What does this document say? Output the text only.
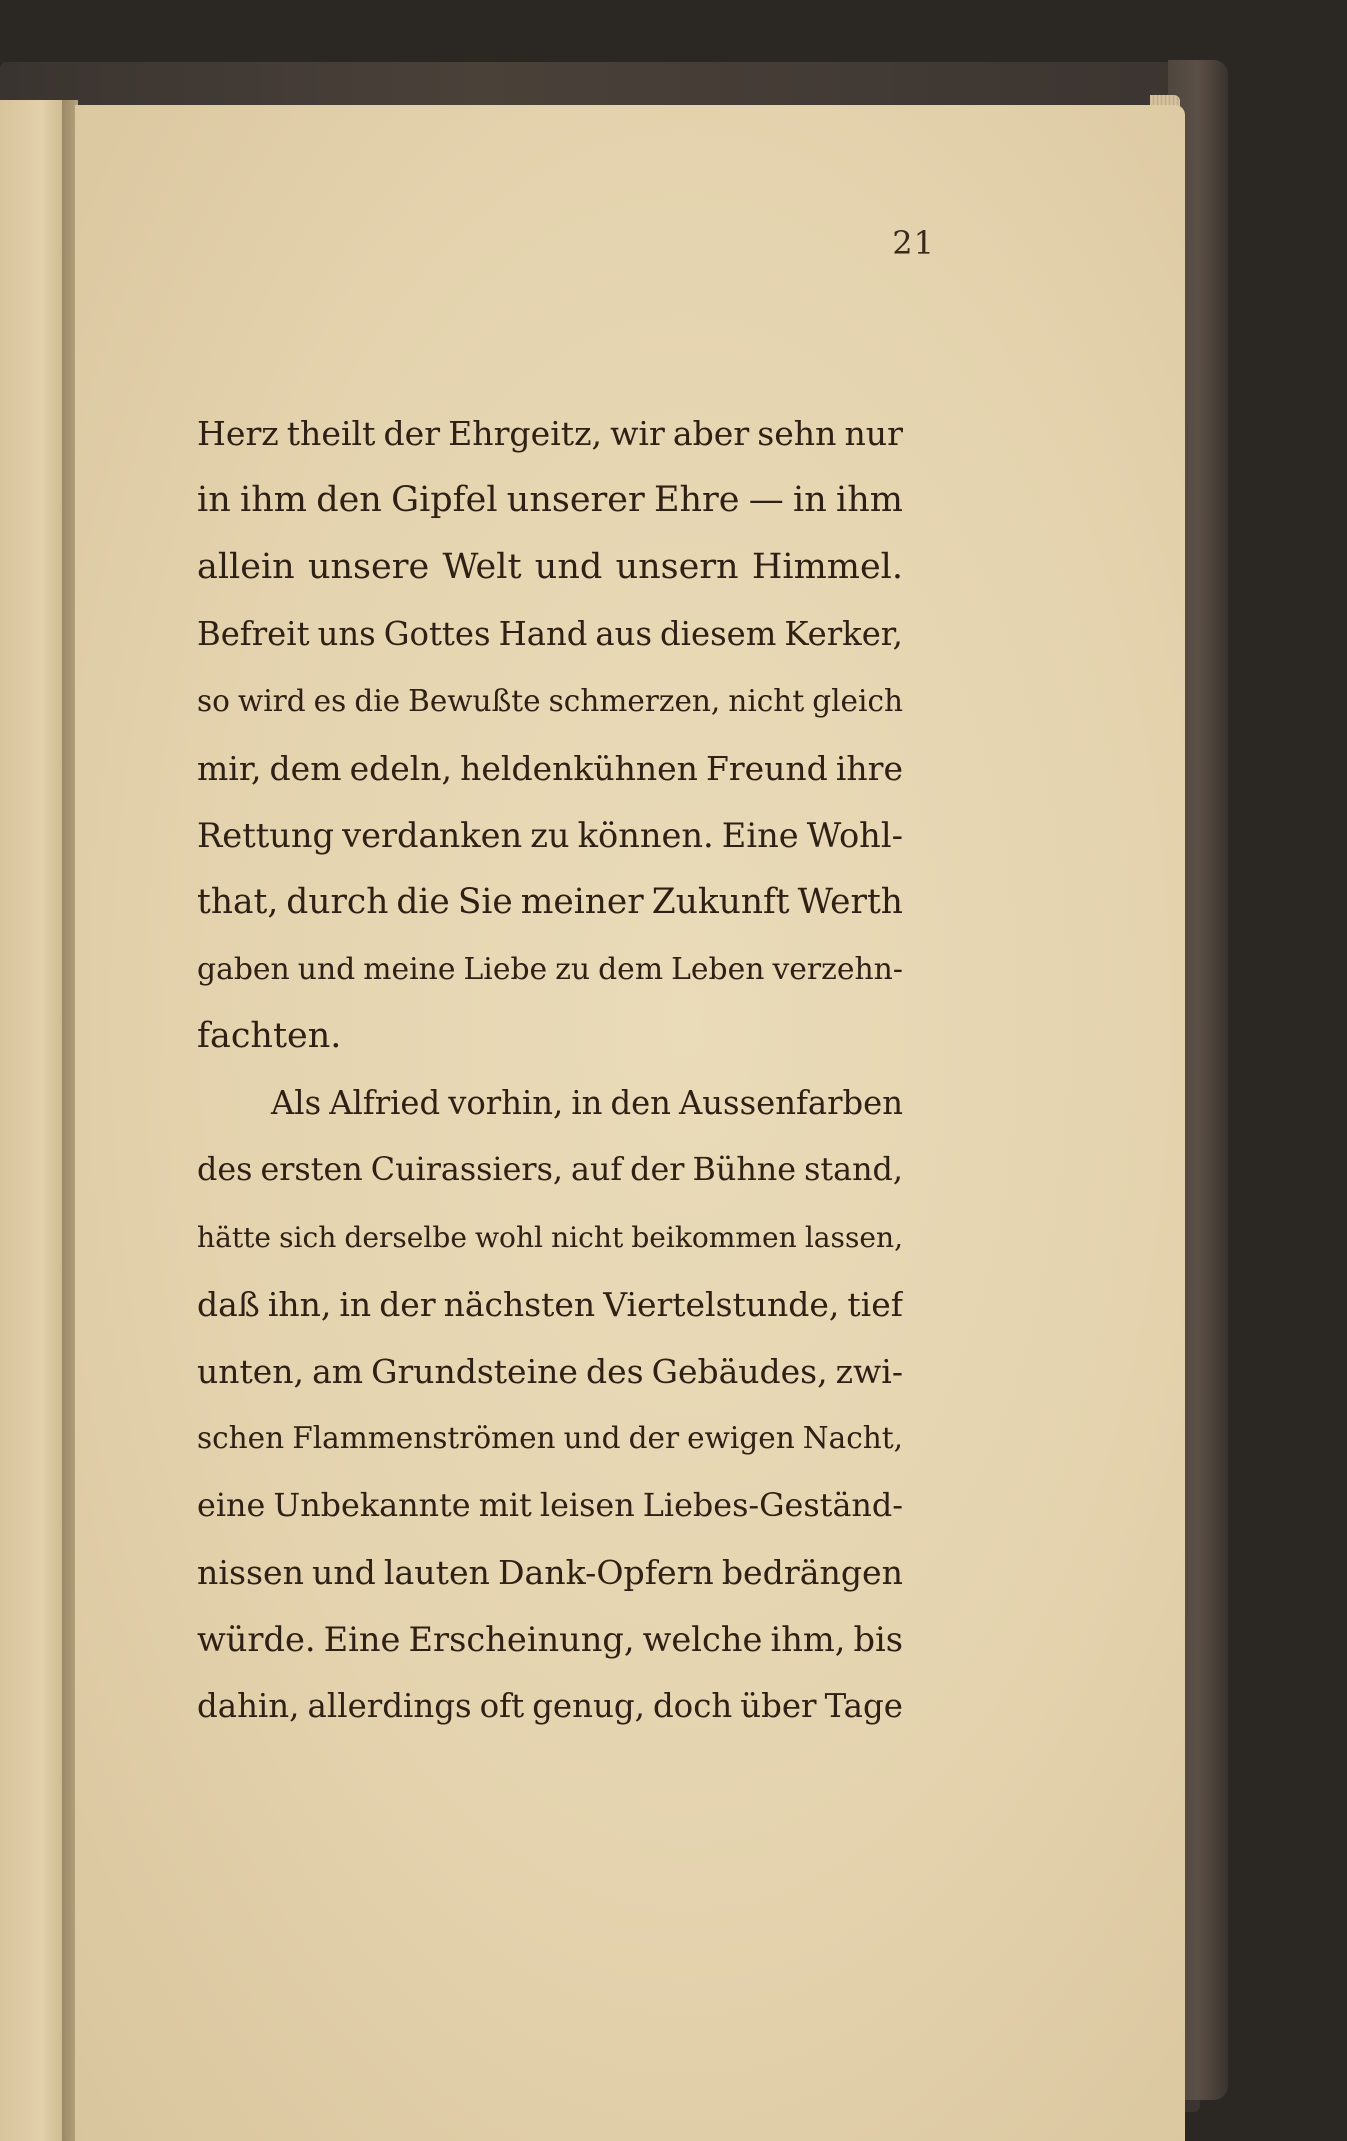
21
Herz theilt der Ehrgeitz, wir aber sehn nur
in ihm den Gipfel unserer Ehre — in ihm
allein unsere Welt und unsern Himmel.
Befreit uns Gottes Hand aus diesem Kerker,
so wird es die Bewußte schmerzen, nicht gleich
mir, dem edeln, heldenkühnen Freund ihre
Rettung verdanken zu können. Eine Wohl-
that, durch die Sie meiner Zukunft Werth
gaben und meine Liebe zu dem Leben verzehn-
fachten.
Als Alfried vorhin, in den Aussenfarben
des ersten Cuirassiers, auf der Bühne stand,
hätte sich derselbe wohl nicht beikommen lassen,
daß ihn, in der nächsten Viertelstunde, tief
unten, am Grundsteine des Gebäudes, zwi-
schen Flammenströmen und der ewigen Nacht,
eine Unbekannte mit leisen Liebes-Geständ-
nissen und lauten Dank-Opfern bedrängen
würde. Eine Erscheinung, welche ihm, bis
dahin, allerdings oft genug, doch über Tage
